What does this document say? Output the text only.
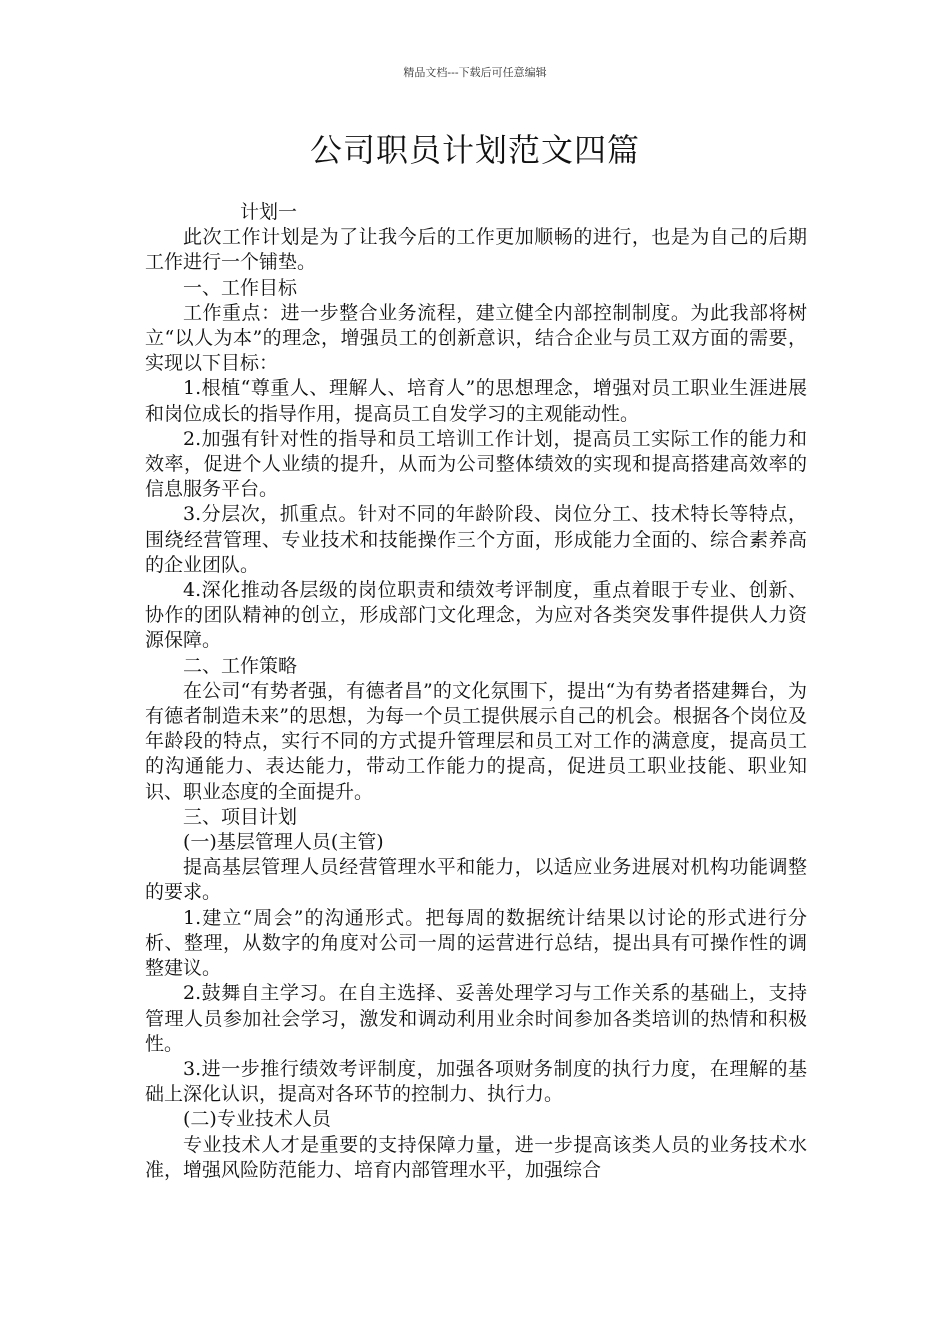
精品文档---下载后可任意编辑
公司职员计划范文四篇

计划一

此次工作计划是为了让我今后的工作更加顺畅的进行，也是为自己的后期工作进行一个铺垫。

一、工作目标

工作重点：进一步整合业务流程，建立健全内部控制制度。为此我部将树立“以人为本”的理念，增强员工的创新意识，结合企业与员工双方面的需要，实现以下目标：

1.根植“尊重人、理解人、培育人”的思想理念，增强对员工职业生涯进展和岗位成长的指导作用，提高员工自发学习的主观能动性。

2.加强有针对性的指导和员工培训工作计划，提高员工实际工作的能力和效率，促进个人业绩的提升，从而为公司整体绩效的实现和提高搭建高效率的信息服务平台。

3.分层次，抓重点。针对不同的年龄阶段、岗位分工、技术特长等特点，围绕经营管理、专业技术和技能操作三个方面，形成能力全面的、综合素养高的企业团队。

4.深化推动各层级的岗位职责和绩效考评制度，重点着眼于专业、创新、协作的团队精神的创立，形成部门文化理念，为应对各类突发事件提供人力资源保障。

二、工作策略

在公司“有势者强，有德者昌”的文化氛围下，提出“为有势者搭建舞台，为有德者制造未来”的思想，为每一个员工提供展示自己的机会。根据各个岗位及年龄段的特点，实行不同的方式提升管理层和员工对工作的满意度，提高员工的沟通能力、表达能力，带动工作能力的提高，促进员工职业技能、职业知识、职业态度的全面提升。

三、项目计划

(一)基层管理人员(主管)

提高基层管理人员经营管理水平和能力，以适应业务进展对机构功能调整的要求。

1.建立“周会”的沟通形式。把每周的数据统计结果以讨论的形式进行分析、整理，从数字的角度对公司一周的运营进行总结，提出具有可操作性的调整建议。

2.鼓舞自主学习。在自主选择、妥善处理学习与工作关系的基础上，支持管理人员参加社会学习，激发和调动利用业余时间参加各类培训的热情和积极性。

3.进一步推行绩效考评制度，加强各项财务制度的执行力度，在理解的基础上深化认识，提高对各环节的控制力、执行力。

(二)专业技术人员

专业技术人才是重要的支持保障力量，进一步提高该类人员的业务技术水准，增强风险防范能力、培育内部管理水平，加强综合
